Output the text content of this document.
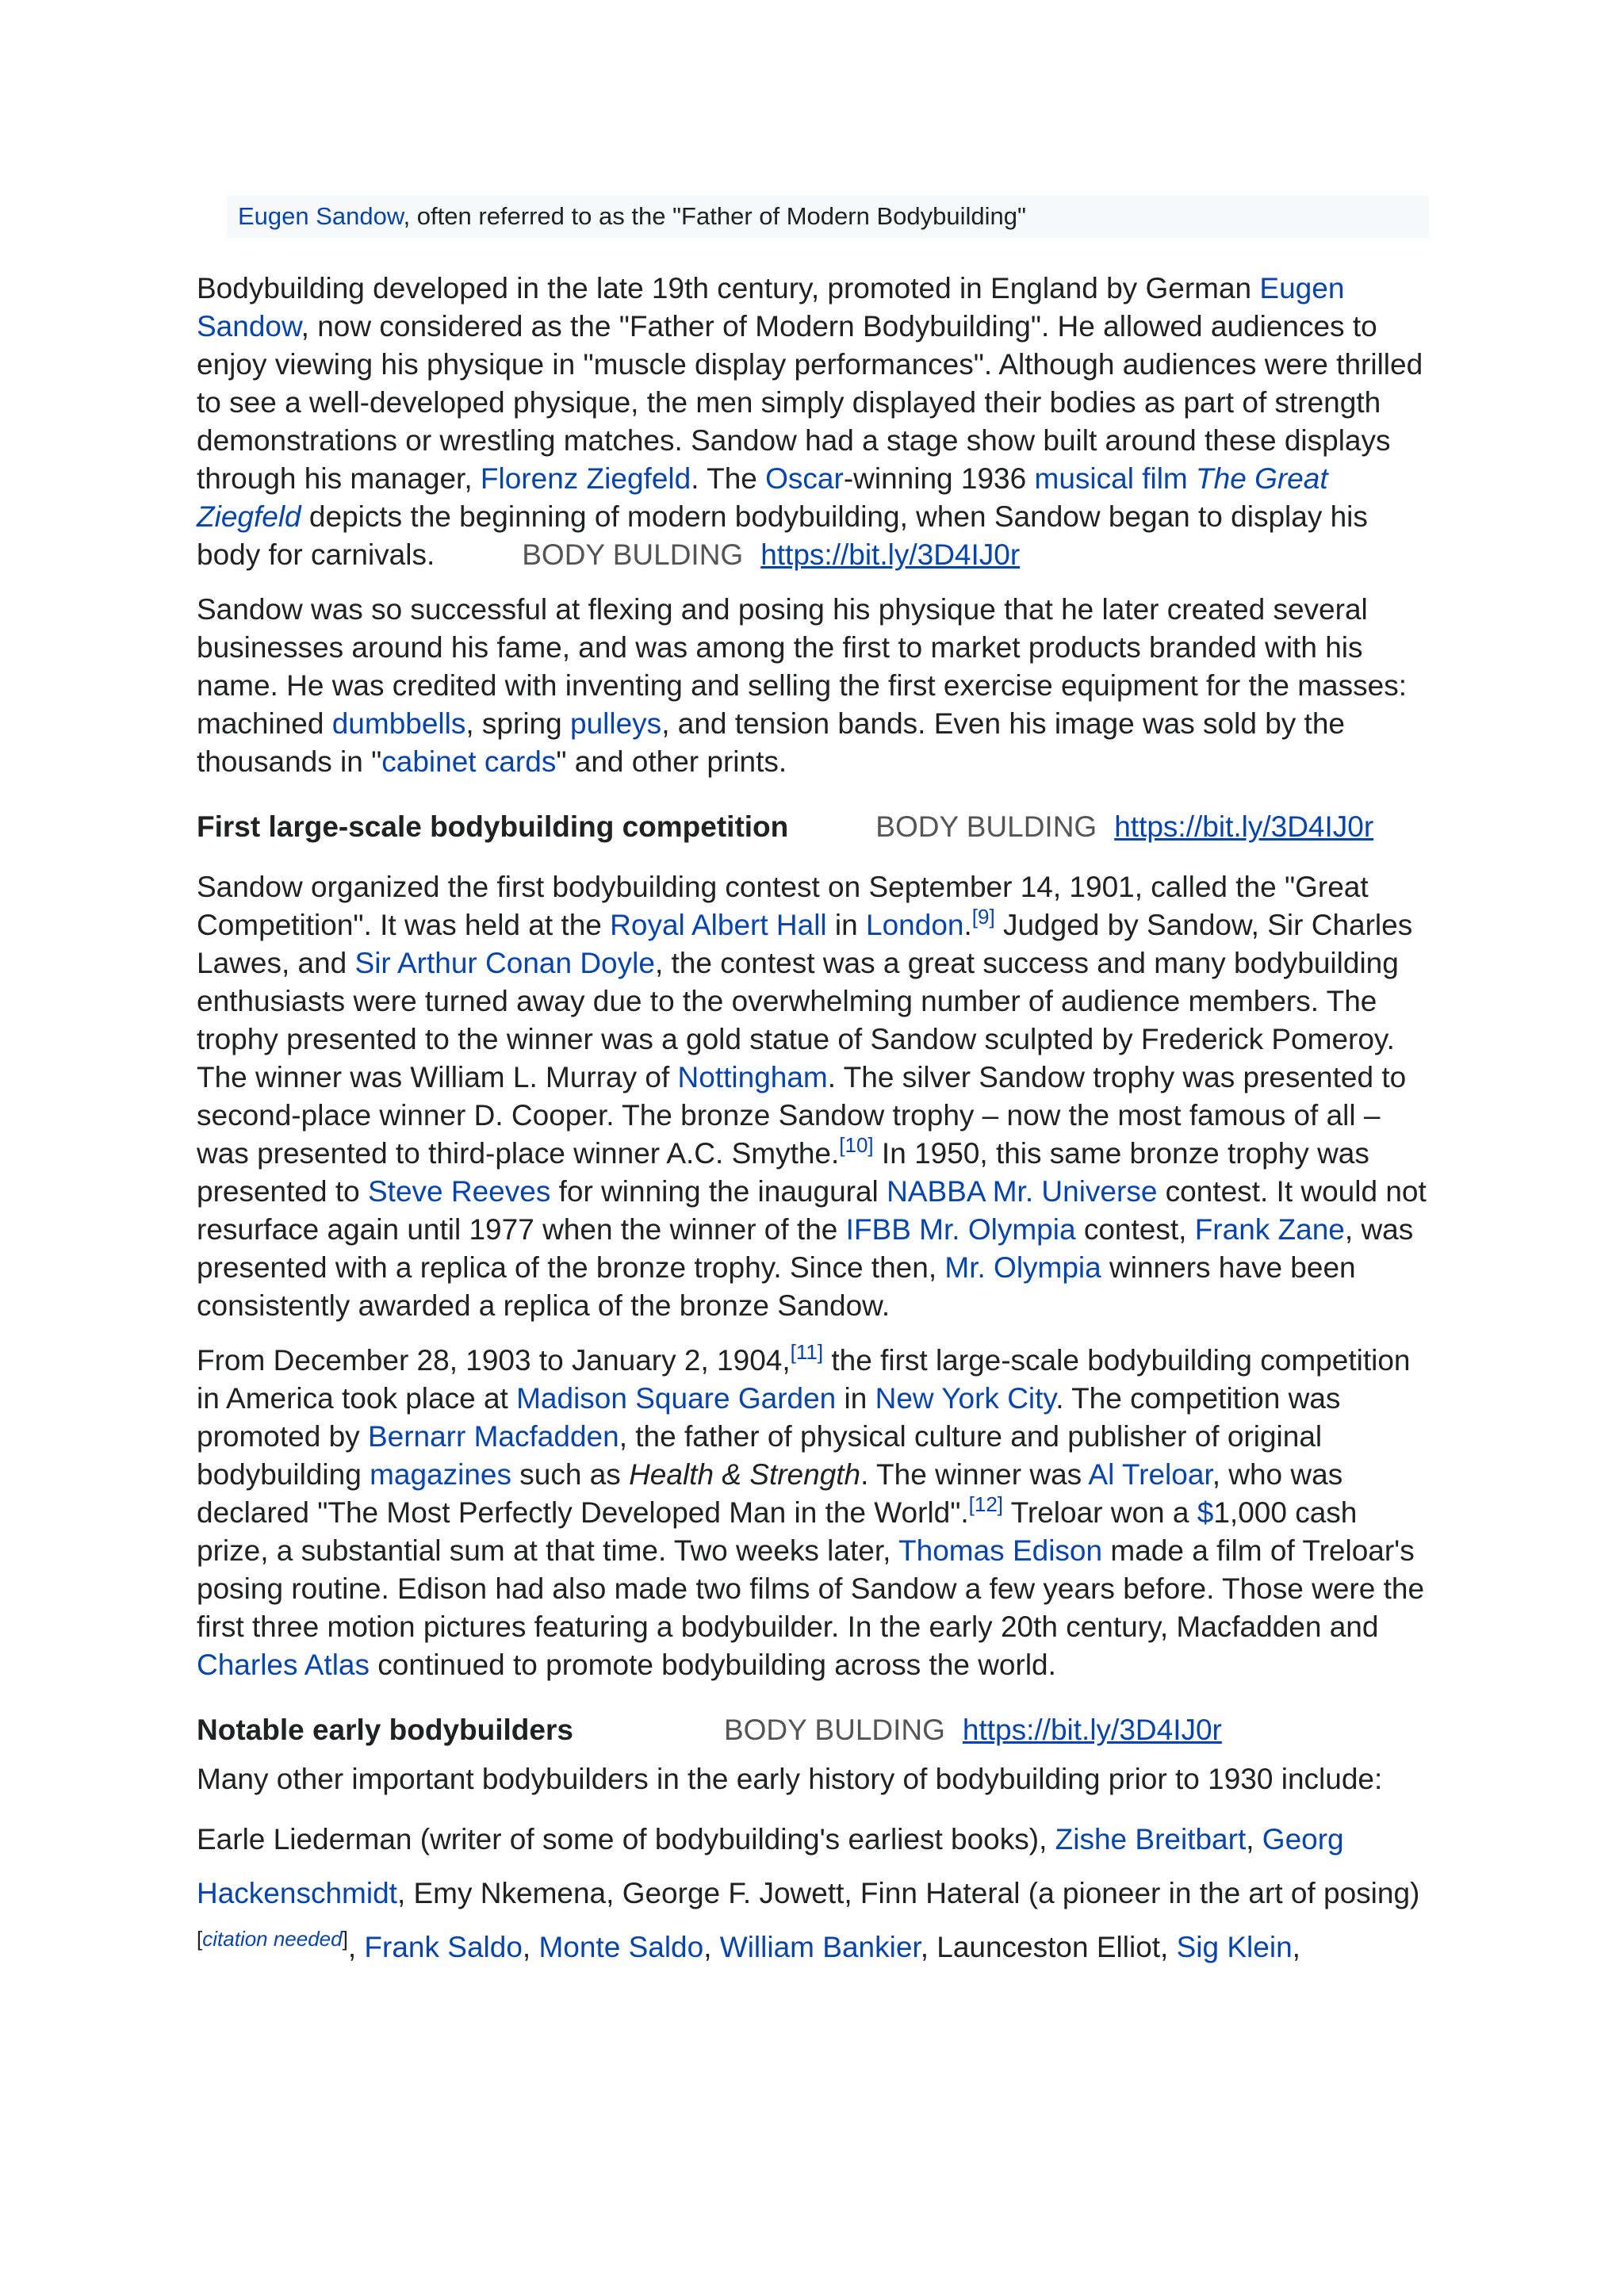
Eugen Sandow, often referred to as the "Father of Modern Bodybuilding"

Bodybuilding developed in the late 19th century, promoted in England by German Eugen Sandow, now considered as the "Father of Modern Bodybuilding". He allowed audiences to enjoy viewing his physique in "muscle display performances". Although audiences were thrilled to see a well-developed physique, the men simply displayed their bodies as part of strength demonstrations or wrestling matches. Sandow had a stage show built around these displays through his manager, Florenz Ziegfeld. The Oscar-winning 1936 musical film The Great Ziegfeld depicts the beginning of modern bodybuilding, when Sandow began to display his body for carnivals.	BODY BULDING https://bit.ly/3D4IJ0r

Sandow was so successful at flexing and posing his physique that he later created several businesses around his fame, and was among the first to market products branded with his name. He was credited with inventing and selling the first exercise equipment for the masses: machined dumbbells, spring pulleys, and tension bands. Even his image was sold by the thousands in "cabinet cards" and other prints.

First large-scale bodybuilding competition	BODY BULDING https://bit.ly/3D4IJ0r

Sandow organized the first bodybuilding contest on September 14, 1901, called the "Great Competition". It was held at the Royal Albert Hall in London.[9] Judged by Sandow, Sir Charles Lawes, and Sir Arthur Conan Doyle, the contest was a great success and many bodybuilding enthusiasts were turned away due to the overwhelming number of audience members. The trophy presented to the winner was a gold statue of Sandow sculpted by Frederick Pomeroy. The winner was William L. Murray of Nottingham. The silver Sandow trophy was presented to second-place winner D. Cooper. The bronze Sandow trophy – now the most famous of all – was presented to third-place winner A.C. Smythe.[10] In 1950, this same bronze trophy was presented to Steve Reeves for winning the inaugural NABBA Mr. Universe contest. It would not resurface again until 1977 when the winner of the IFBB Mr. Olympia contest, Frank Zane, was presented with a replica of the bronze trophy. Since then, Mr. Olympia winners have been consistently awarded a replica of the bronze Sandow.

From December 28, 1903 to January 2, 1904,[11] the first large-scale bodybuilding competition in America took place at Madison Square Garden in New York City. The competition was promoted by Bernarr Macfadden, the father of physical culture and publisher of original bodybuilding magazines such as Health & Strength. The winner was Al Treloar, who was declared "The Most Perfectly Developed Man in the World".[12] Treloar won a $1,000 cash prize, a substantial sum at that time. Two weeks later, Thomas Edison made a film of Treloar's posing routine. Edison had also made two films of Sandow a few years before. Those were the first three motion pictures featuring a bodybuilder. In the early 20th century, Macfadden and Charles Atlas continued to promote bodybuilding across the world.

Notable early bodybuilders	BODY BULDING https://bit.ly/3D4IJ0r

Many other important bodybuilders in the early history of bodybuilding prior to 1930 include:

Earle Liederman (writer of some of bodybuilding's earliest books), Zishe Breitbart, Georg Hackenschmidt, Emy Nkemena, George F. Jowett, Finn Hateral (a pioneer in the art of posing)[citation needed], Frank Saldo, Monte Saldo, William Bankier, Launceston Elliot, Sig Klein,
